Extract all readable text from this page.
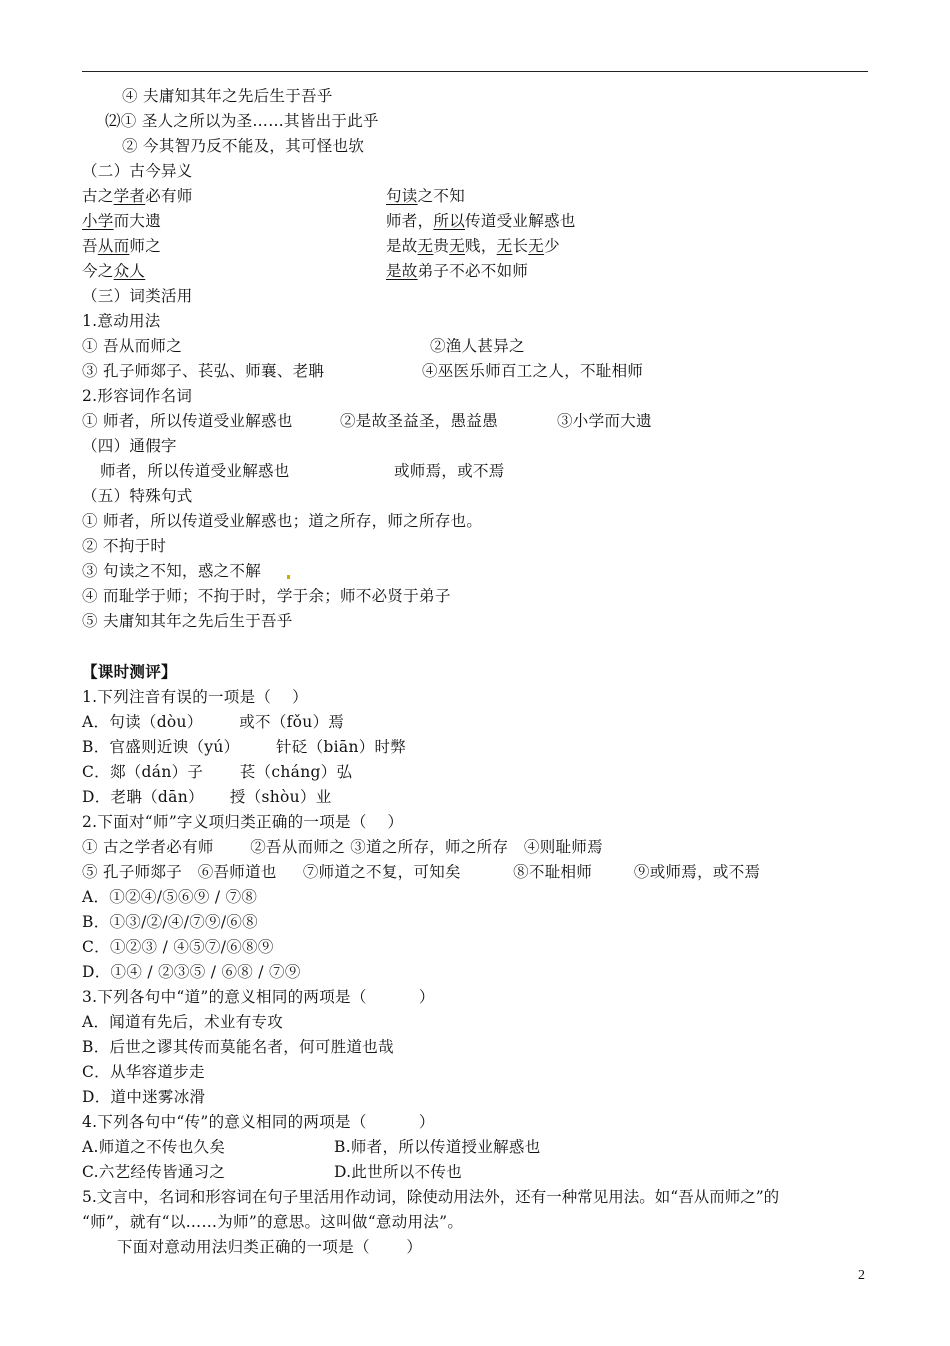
④ 夫庸知其年之先后生于吾乎
⑵① 圣人之所以为圣……其皆出于此乎
② 今其智乃反不能及，其可怪也欤
（二）古今异义
古之学者必有师	句读之不知
小学而大遗	师者，所以传道受业解惑也
吾从而师之	是故无贵无贱，无长无少
今之众人	是故弟子不必不如师
（三）词类活用
1.意动用法
① 吾从而师之	②渔人甚异之
③ 孔子师郯子、苌弘、师襄、老聃	④巫医乐师百工之人，不耻相师
2.形容词作名词
① 师者，所以传道受业解惑也	②是故圣益圣，愚益愚	③小学而大遗
（四）通假字
师者，所以传道受业解惑也	或师焉，或不焉
（五）特殊句式
① 师者，所以传道受业解惑也；道之所存，师之所存也。
② 不拘于时
③ 句读之不知，惑之不解
④ 而耻学于师；不拘于时，学于余；师不必贤于弟子
⑤ 夫庸知其年之先后生于吾乎
【课时测评】
1.下列注音有误的一项是（    ）
A．句读（dòu）       或不（fǒu）焉
B．官盛则近谀（yú）       针砭（biān）时弊
C．郯（dán）子       苌（cháng）弘
D．老聃（dān）     授（shòu）业
2.下面对“师”字义项归类正确的一项是（    ）
① 古之学者必有师       ②吾从而师之 ③道之所存，师之所存   ④则耻师焉
⑤ 孔子师郯子   ⑥吾师道也     ⑦师道之不复，可知矣          ⑧不耻相师        ⑨或师焉，或不焉
A．①②④/⑤⑥⑨ / ⑦⑧
B．①③/②/④/⑦⑨/⑥⑧
C．①②③ / ④⑤⑦/⑥⑧⑨
D．①④ / ②③⑤ / ⑥⑧ / ⑦⑨
3.下列各句中“道”的意义相同的两项是（          ）
A．闻道有先后，术业有专攻
B．后世之谬其传而莫能名者，何可胜道也哉
C．从华容道步走
D．道中迷雾冰滑
4.下列各句中“传”的意义相同的两项是（          ）
A.师道之不传也久矣	B.师者，所以传道授业解惑也
C.六艺经传皆通习之	D.此世所以不传也
5.文言中，名词和形容词在句子里活用作动词，除使动用法外，还有一种常见用法。如“吾从而师之”的
“师”，就有“以……为师”的意思。这叫做“意动用法”。
下面对意动用法归类正确的一项是（       ）
2
